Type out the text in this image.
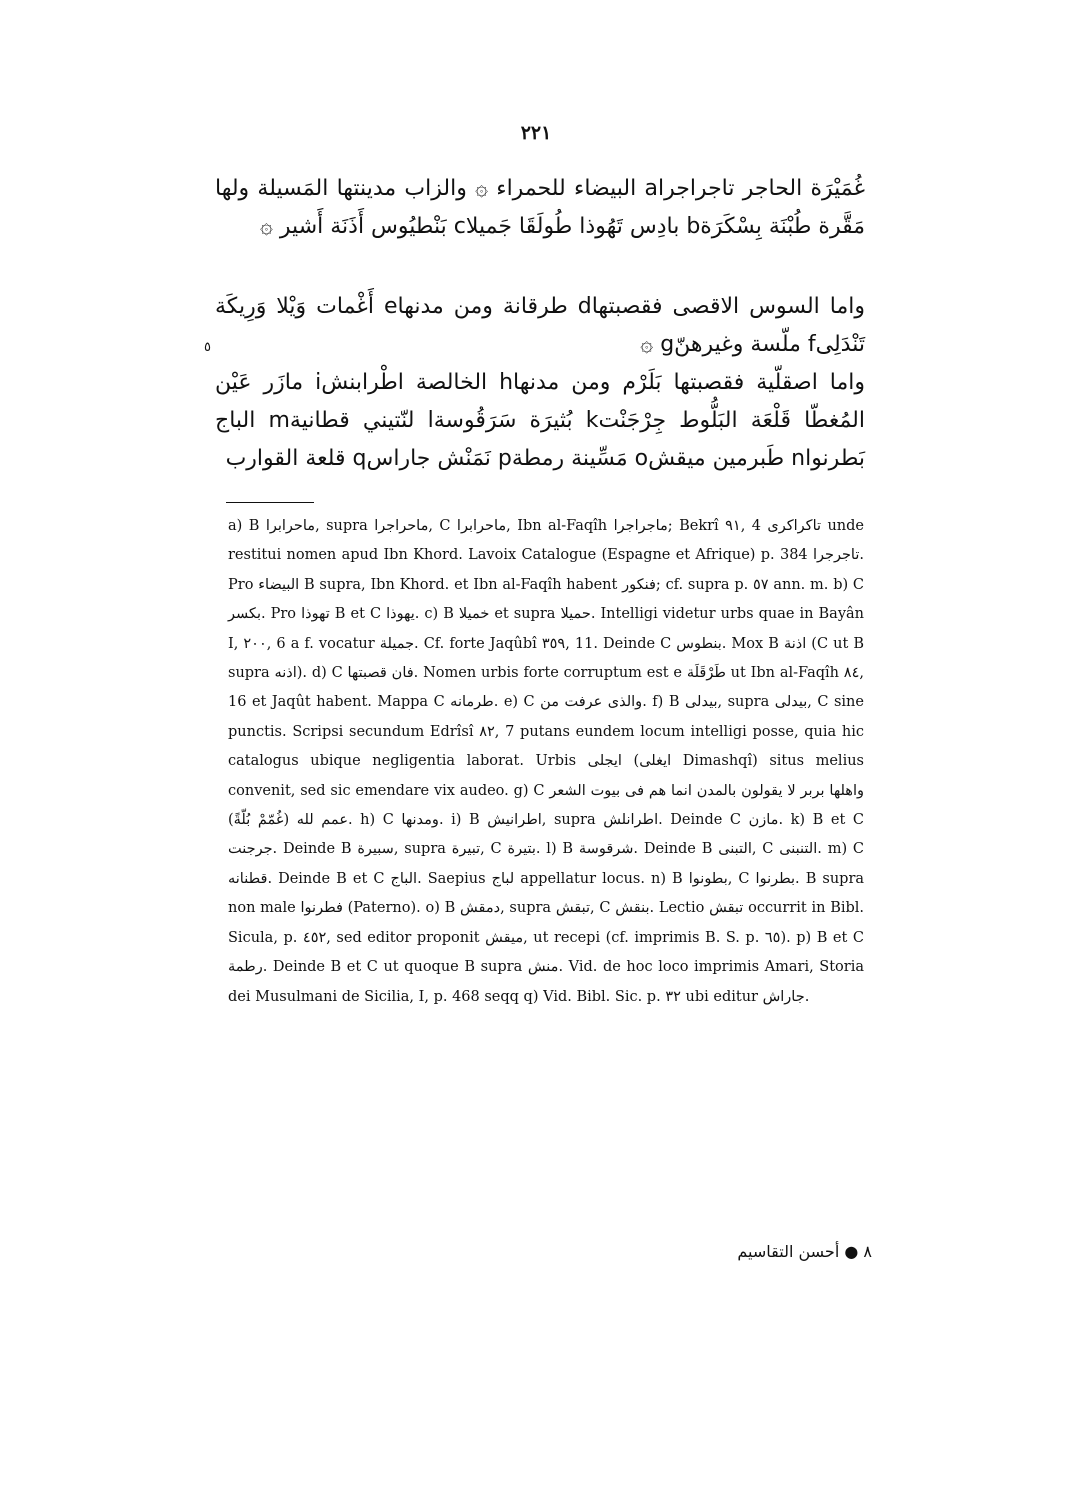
٢٢١
غُمَيْرَة الحاجر تاجراجراa البيضاء للحمراء ۞ والزاب مدينتها المَسيلة ولها مَقَّرة طُبْنَة بِسْكَرَةb بادِس تَهُوذا طُولَقَا جَميلاc بَنْطيُوس أَذَنَة أَشير ۞
واما السوس الاقصى فقصبتهاd طرقانة ومن مدنهاe أَغْمات وَيْلا وَرِيكَة تَنْدَلِىf ملّسة وغيرهنّg ۞
٥
واما اصقلّية فقصبتها بَلَرْم ومن مدنهاh الخالصة اطْرابنشi مازَر عَيْن المُغطّا قَلْعَة البَلُّوط جِرْجَنْتk بُثيرَة سَرَقُوسةl لنّتيني قطانيةm الباج بَطرنواn طَبرمين ميقشo مَسِّينة رمطةp نَمَنْش جاراسq قلعة القوارب

a) B ماحرابرا, supra ماحراجرا, C ماحرابرا, Ibn al-Faqîh ماجراجرا; Bekrî ٩١, 4 تاكراكرى unde restitui nomen apud Ibn Khord. Lavoix Catalogue (Espagne et Afrique) p. 384 تاجرجرا. Pro البيضاء B supra, Ibn Khord. et Ibn al-Faqîh habent فنكور; cf. supra p. ٥٧ ann. m. b) C بكسر. Pro تهوذا B et C يهوذا. c) B خميلا et supra حميلا. Intelligi videtur urbs quae in Bayân I, ٢٠٠, 6 a f. vocatur جميلة. Cf. forte Jaqûbî ٣٥٩, 11. Deinde C بنطوس. Mox B اذنة (C ut B supra اذنه). d) C فان قصبتها. Nomen urbis forte corruptum est e طَرْقَلَة ut Ibn al-Faqîh ٨٤, 16 et Jaqût habent. Mappa C طرمانه. e) C والذى عرفت من. f) B بيدلى, supra بيدلى, C sine punctis. Scripsi secundum Edrîsî ٨٢, 7 putans eundem locum intelligi posse, quia hic catalogus ubique negligentia laborat. Urbis ايجلى (ايغلى Dimashqî) situs melius convenit, sed sic emendare vix audeo. g) C واهلها بربر لا يقولون بالمدن انما هم فى بيوت الشعر عمم لله (غُمّمْ بُلّةً). h) C ومدنها. i) B اطرانيش, supra اطرانلش. Deinde C مازن. k) B et C جرجنت. Deinde B سبيرة, supra تبيرة, C بتيرة. l) B شرقوسة. Deinde B التبنى, C التنبنى. m) C قطنانه. Deinde B et C الباج. Saepius لباج appellatur locus. n) B بطونوا, C بطرنوا. B supra non male فطرنوا (Paterno). o) B دمقش, supra تبقش, C بنقش. Lectio تبقش occurrit in Bibl. Sicula, p. ٤٥٢, sed editor proponit ميقش, ut recepi (cf. imprimis B. S. p. ٦٥). p) B et C رطمة. Deinde B et C ut quoque B supra منش. Vid. de hoc loco imprimis Amari, Storia dei Musulmani de Sicilia, I, p. 468 seqq q) Vid. Bibl. Sic. p. ٣٢ ubi editur جاراش.

٨ ● أحسن التقاسيم
